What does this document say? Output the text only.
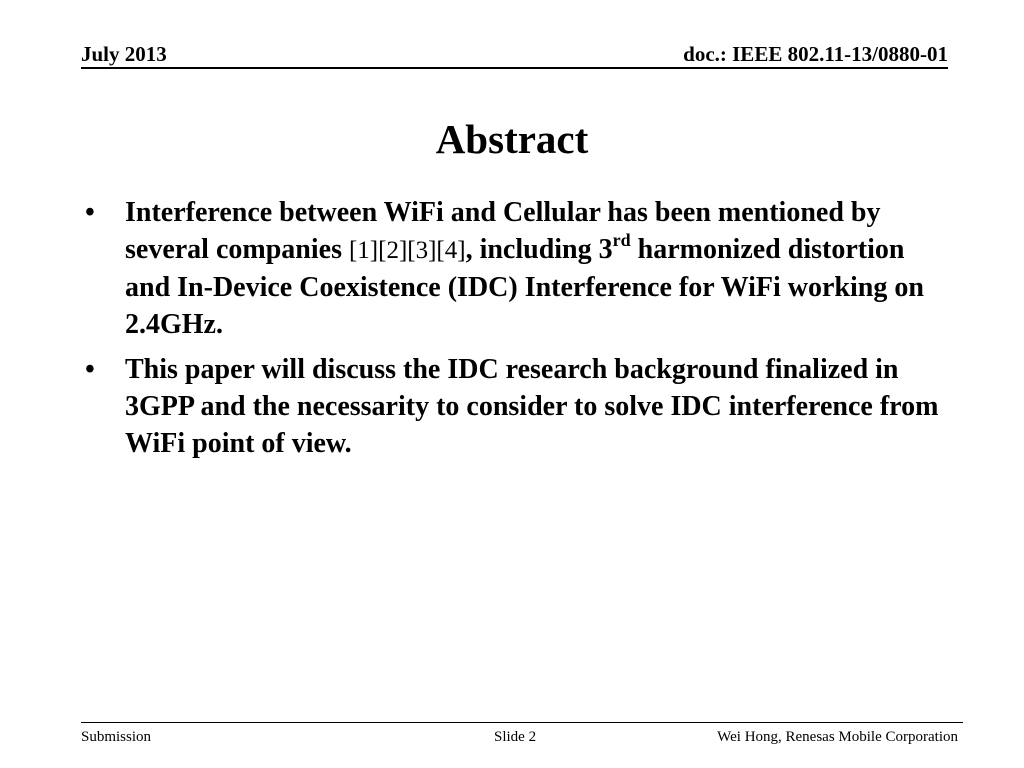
July 2013	doc.: IEEE 802.11-13/0880-01
Abstract
•	Interference between WiFi and Cellular has been mentioned by several companies [1][2][3][4], including 3rd harmonized distortion and In-Device Coexistence (IDC) Interference for WiFi working on 2.4GHz.
•	This paper will discuss the IDC research background finalized in 3GPP and the necessarity to consider to solve IDC interference from WiFi point of view.
Submission	Slide 2	Wei Hong, Renesas Mobile Corporation
